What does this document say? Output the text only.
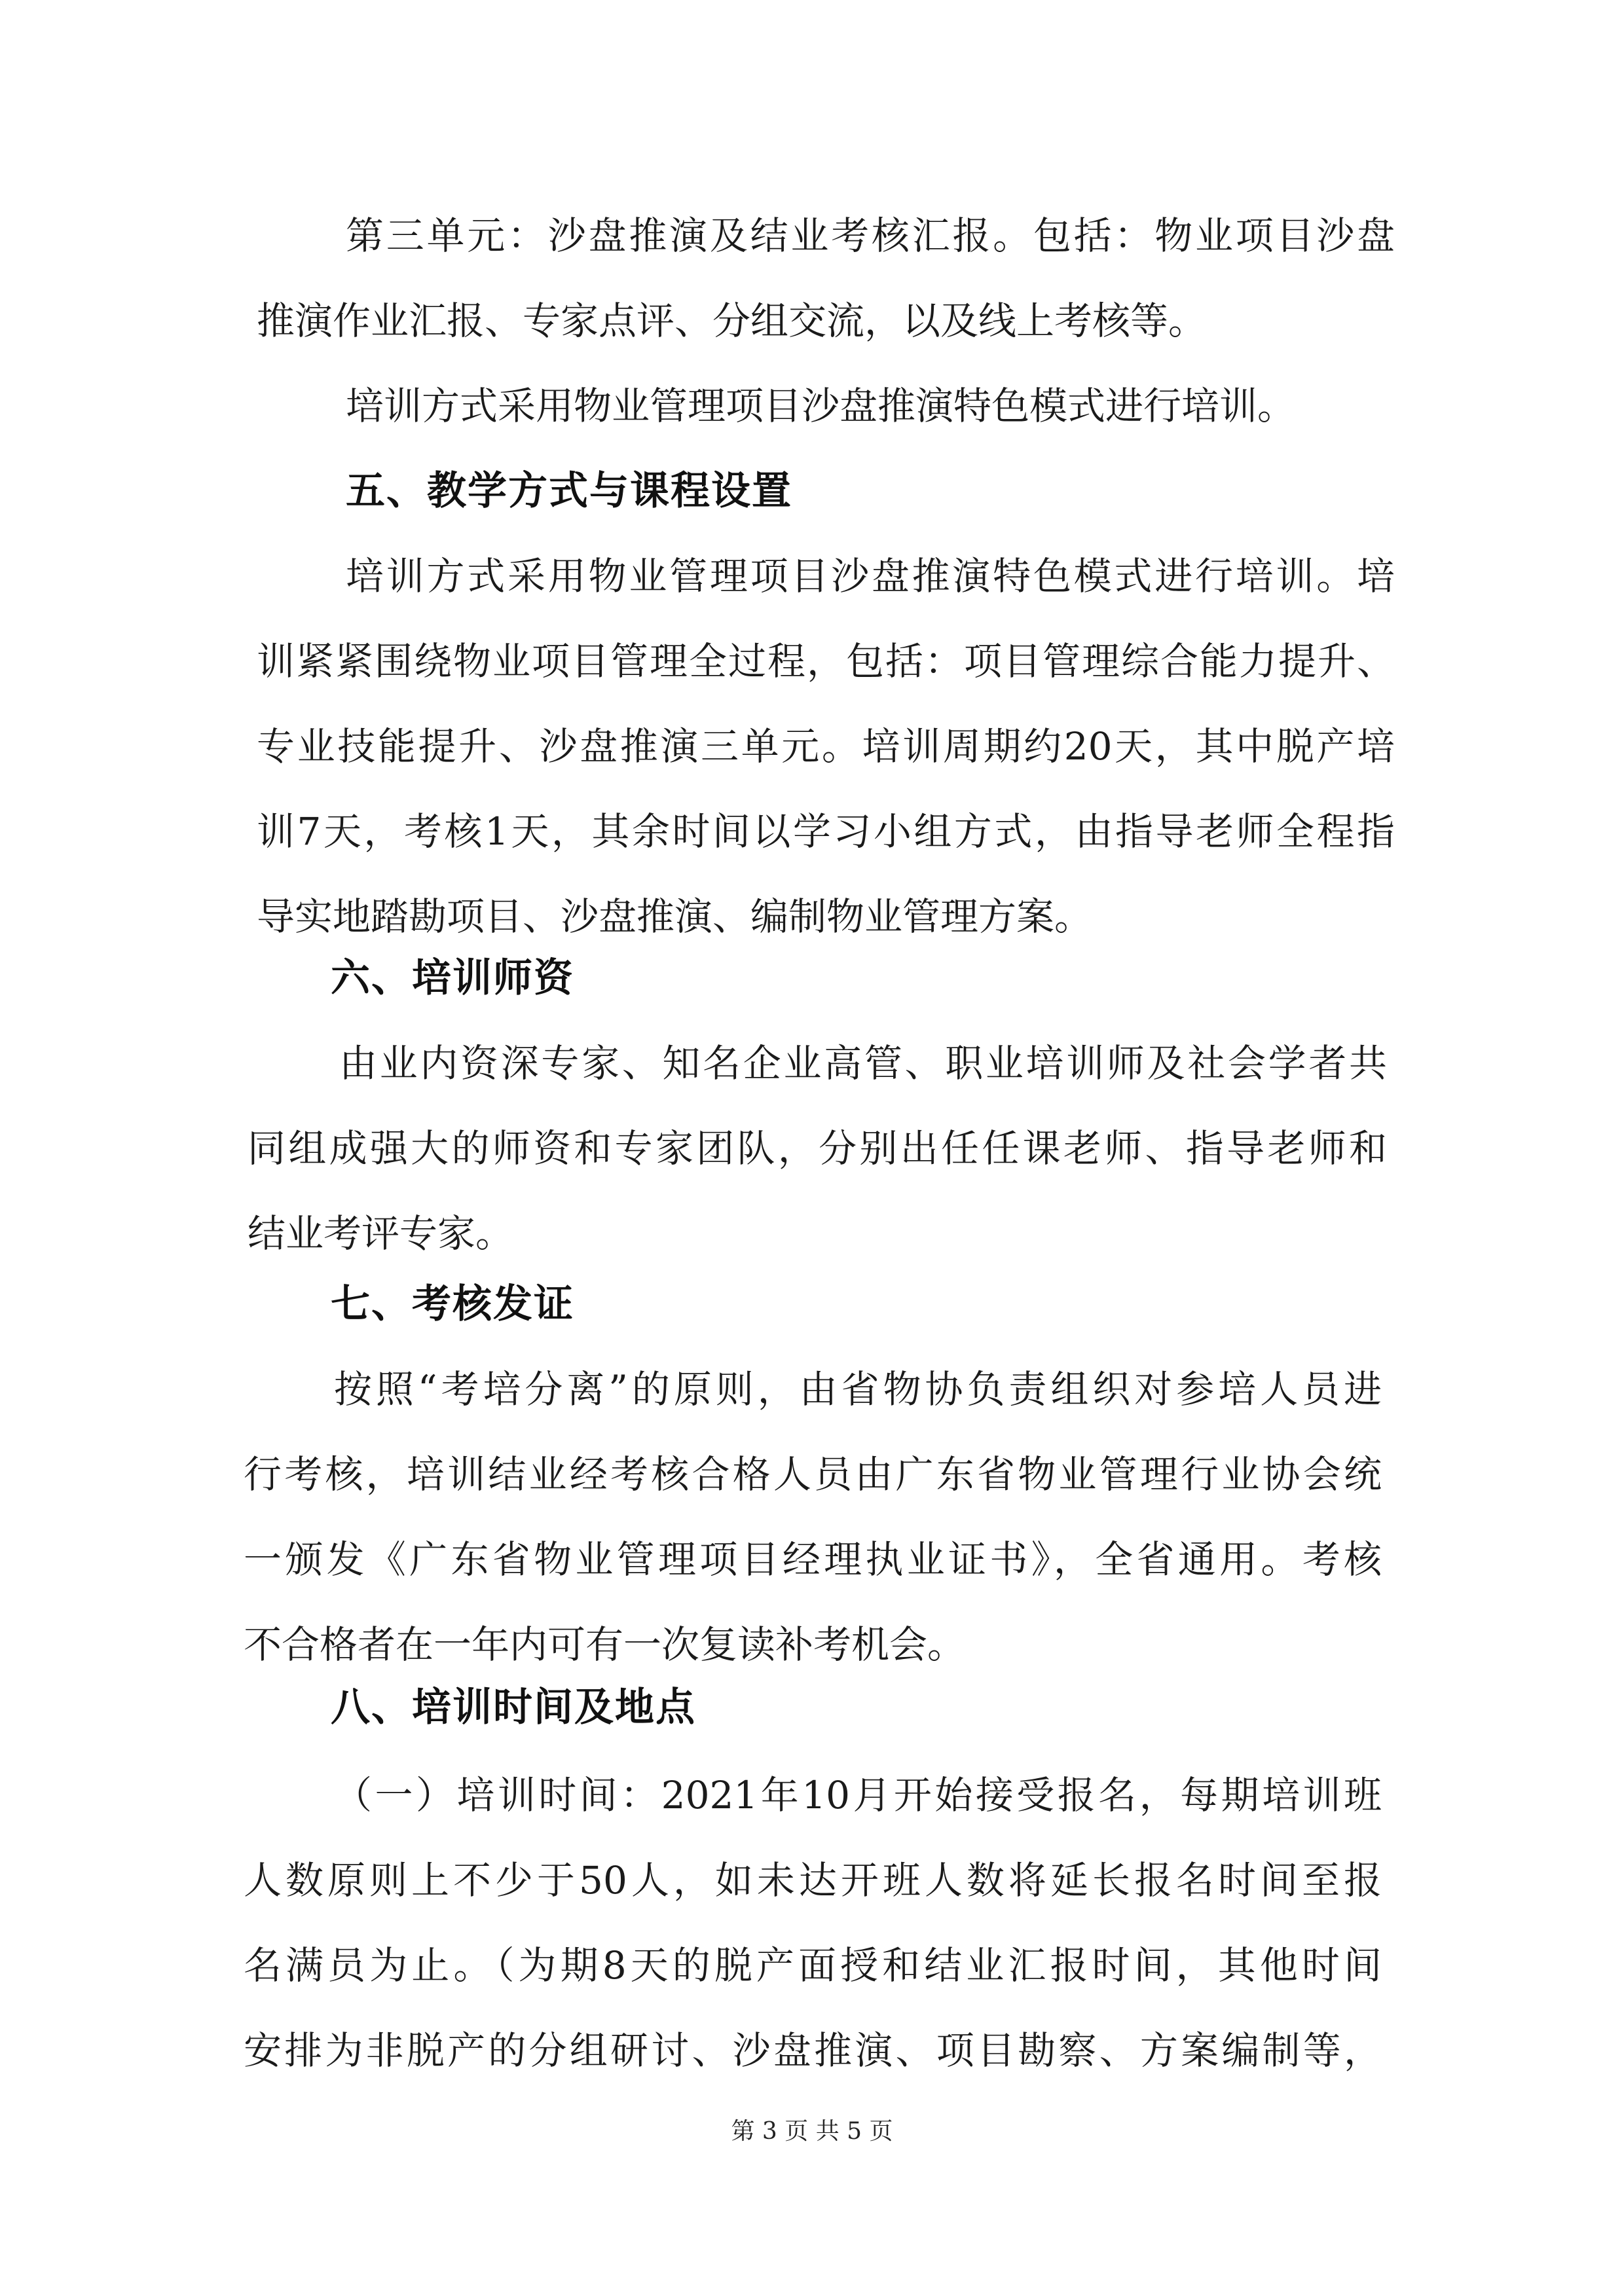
第三单元：沙盘推演及结业考核汇报。包括：物业项目沙盘

推演作业汇报、专家点评、分组交流，以及线上考核等。

培训方式采用物业管理项目沙盘推演特色模式进行培训。

五、教学方式与课程设置

培训方式采用物业管理项目沙盘推演特色模式进行培训。培

训紧紧围绕物业项目管理全过程，包括：项目管理综合能力提升、

专业技能提升、沙盘推演三单元。培训周期约20天，其中脱产培

训7天，考核1天，其余时间以学习小组方式，由指导老师全程指

导实地踏勘项目、沙盘推演、编制物业管理方案。

六、培训师资

由业内资深专家、知名企业高管、职业培训师及社会学者共

同组成强大的师资和专家团队，分别出任任课老师、指导老师和

结业考评专家。

七、考核发证

按照“考培分离”的原则，由省物协负责组织对参培人员进

行考核，培训结业经考核合格人员由广东省物业管理行业协会统

一颁发《广东省物业管理项目经理执业证书》，全省通用。考核

不合格者在一年内可有一次复读补考机会。

八、培训时间及地点

（一）培训时间：2021年10月开始接受报名，每期培训班

人数原则上不少于50人，如未达开班人数将延长报名时间至报

名满员为止。（为期8天的脱产面授和结业汇报时间，其他时间

安排为非脱产的分组研讨、沙盘推演、项目勘察、方案编制等，

第 3 页 共 5 页
